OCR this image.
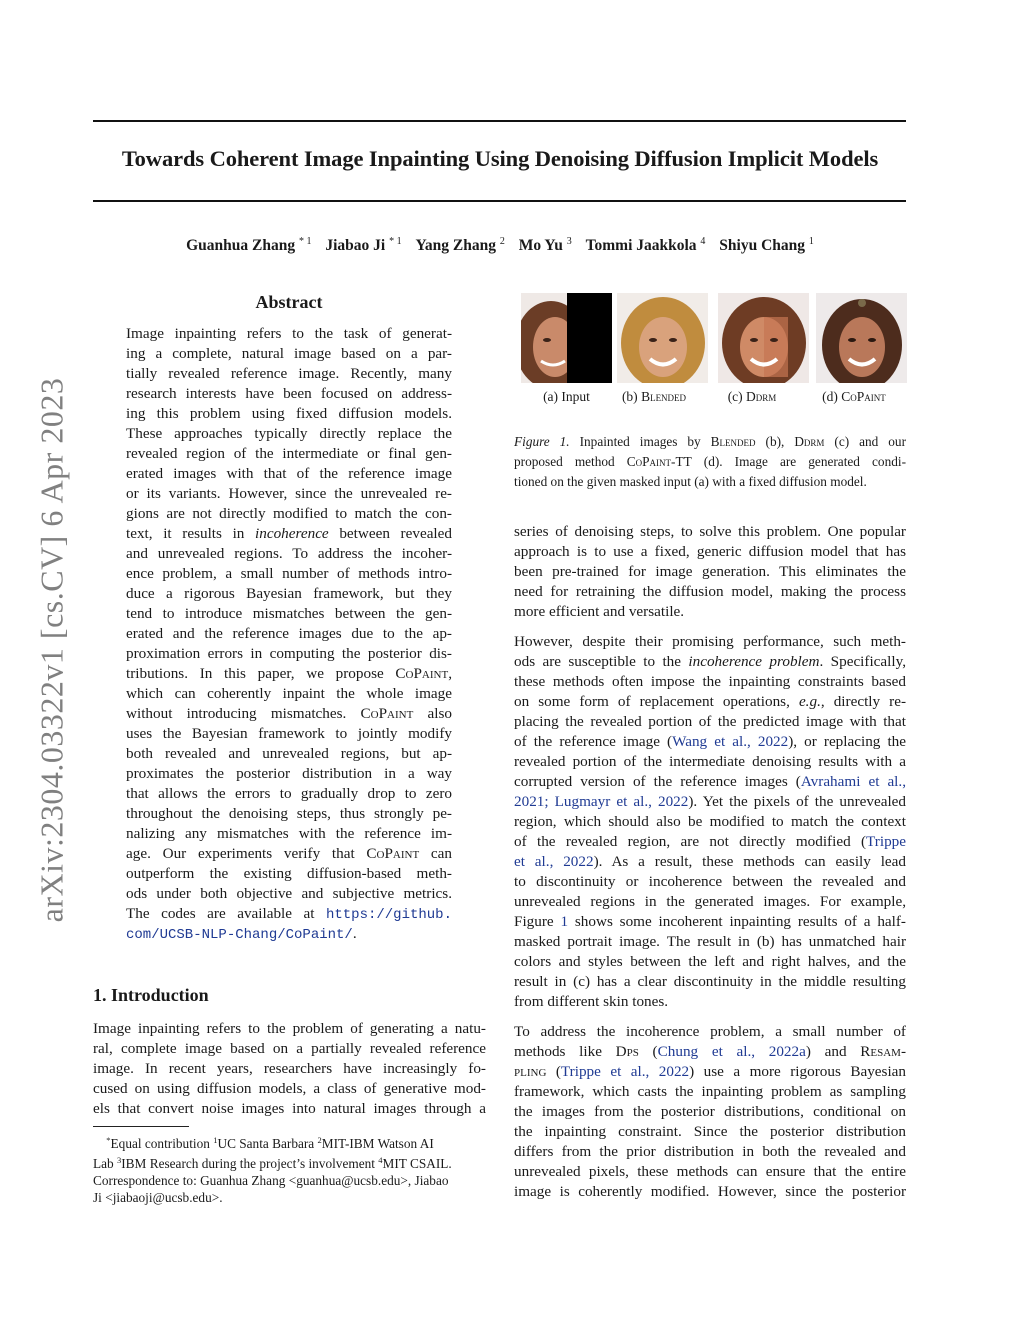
arXiv:2304.03322v1 [cs.CV] 6 Apr 2023
Towards Coherent Image Inpainting Using Denoising Diffusion Implicit Models
Guanhua Zhang $^{* 1}$ Jiabao Ji $^{* 1}$ Yang Zhang $^2$ Mo Yu $^3$ Tommi Jaakkola $^4$ Shiyu Chang $^1$
Abstract
Image inpainting refers to the task of generat-
ing a complete, natural image based on a par-
tially revealed reference image. Recently, many
research interests have been focused on address-
ing this problem using fixed diffusion models.
These approaches typically directly replace the
revealed region of the intermediate or final gen-
erated images with that of the reference image
or its variants. However, since the unrevealed re-
gions are not directly modified to match the con-
text, it results in incoherence between revealed
and unrevealed regions. To address the incoher-
ence problem, a small number of methods intro-
duce a rigorous Bayesian framework, but they
tend to introduce mismatches between the gen-
erated and the reference images due to the ap-
proximation errors in computing the posterior dis-
tributions. In this paper, we propose CoPaint,
which can coherently inpaint the whole image
without introducing mismatches. CoPaint also
uses the Bayesian framework to jointly modify
both revealed and unrevealed regions, but ap-
proximates the posterior distribution in a way
that allows the errors to gradually drop to zero
throughout the denoising steps, thus strongly pe-
nalizing any mismatches with the reference im-
age. Our experiments verify that CoPaint can
outperform the existing diffusion-based meth-
ods under both objective and subjective metrics.
The codes are available at https://github.
com/UCSB-NLP-Chang/CoPaint/.
1. Introduction
Image inpainting refers to the problem of generating a natu-
ral, complete image based on a partially revealed reference
image. In recent years, researchers have increasingly fo-
cused on using diffusion models, a class of generative mod-
els that convert noise images into natural images through a
*Equal contribution $^1$UC Santa Barbara $^2$MIT-IBM Watson AI
Lab $^3$IBM Research during the project’s involvement $^4$MIT CSAIL.
Correspondence to: Guanhua Zhang <guanhua@ucsb.edu>, Jiabao
Ji <jiabaoji@ucsb.edu>.
(a) Input	(b) Blended	(c) Ddrm	(d) CoPaint
Figure 1. Inpainted images by Blended (b), Ddrm (c) and our
proposed method CoPaint-TT (d). Image are generated condi-
tioned on the given masked input (a) with a fixed diffusion model.
series of denoising steps, to solve this problem. One popular
approach is to use a fixed, generic diffusion model that has
been pre-trained for image generation. This eliminates the
need for retraining the diffusion model, making the process
more efficient and versatile.
However, despite their promising performance, such meth-
ods are susceptible to the incoherence problem. Specifically,
these methods often impose the inpainting constraints based
on some form of replacement operations, e.g., directly re-
placing the revealed portion of the predicted image with that
of the reference image (Wang et al., 2022), or replacing the
revealed portion of the intermediate denoising results with a
corrupted version of the reference images (Avrahami et al.,
2021; Lugmayr et al., 2022). Yet the pixels of the unrevealed
region, which should also be modified to match the context
of the revealed region, are not directly modified (Trippe
et al., 2022). As a result, these methods can easily lead
to discontinuity or incoherence between the revealed and
unrevealed regions in the generated images. For example,
Figure 1 shows some incoherent inpainting results of a half-
masked portrait image. The result in (b) has unmatched hair
colors and styles between the left and right halves, and the
result in (c) has a clear discontinuity in the middle resulting
from different skin tones.
To address the incoherence problem, a small number of
methods like Dps (Chung et al., 2022a) and Resam-
pling (Trippe et al., 2022) use a more rigorous Bayesian
framework, which casts the inpainting problem as sampling
the images from the posterior distributions, conditional on
the inpainting constraint. Since the posterior distribution
differs from the prior distribution in both the revealed and
unrevealed pixels, these methods can ensure that the entire
image is coherently modified. However, since the posterior
